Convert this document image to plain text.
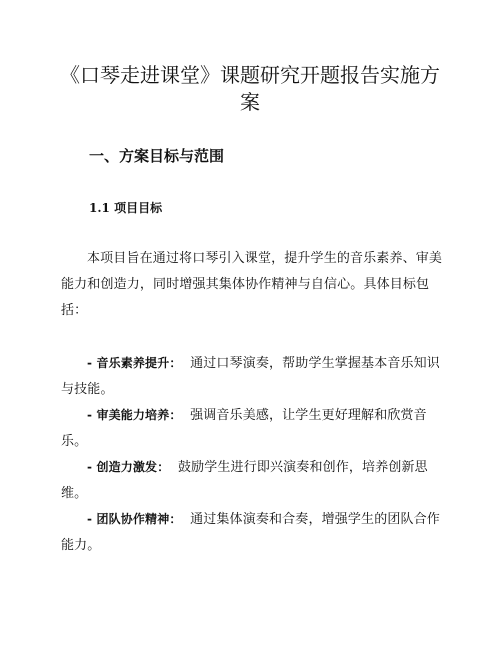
《口琴走进课堂》课题研究开题报告实施方案
一、方案目标与范围
1.1 项目目标

本项目旨在通过将口琴引入课堂，提升学生的音乐素养、审美能力和创造力，同时增强其集体协作精神与自信心。具体目标包括：

- 音乐素养提升： 通过口琴演奏，帮助学生掌握基本音乐知识与技能。

- 审美能力培养： 强调音乐美感，让学生更好理解和欣赏音乐。

- 创造力激发： 鼓励学生进行即兴演奏和创作，培养创新思维。

- 团队协作精神： 通过集体演奏和合奏，增强学生的团队合作能力。
